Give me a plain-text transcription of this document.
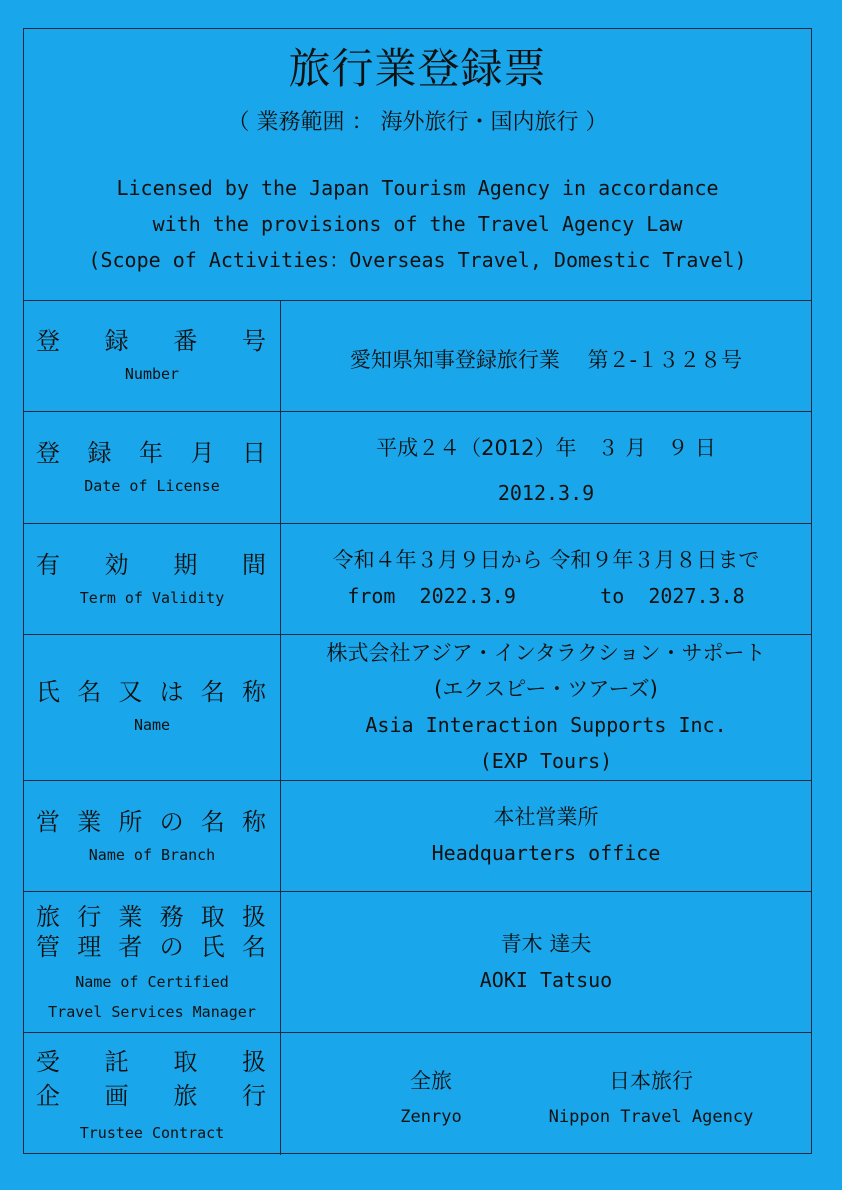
旅行業登録票
（ 業務範囲 ： 海外旅行・国内旅行 ）
Licensed by the Japan Tourism Agency in accordance
with the provisions of the Travel Agency Law
(Scope of Activities：Overseas Travel, Domestic Travel)
登 録 番 号
Number
愛知県知事登録旅行業　 第２-１３２８号
登 録 年 月 日
Date of License
平成２４（2012）年　３ 月　９ 日
2012.3.9
有 効 期 間
Term of Validity
令和４年３月９日から 令和９年３月８日まで
from  2022.3.9       to  2027.3.8
氏 名 又 は 名 称
Name
株式会社アジア・インタラクション・サポート
(エクスピー・ツアーズ)
Asia Interaction Supports Inc.
(EXP Tours)
営 業 所 の 名 称
Name of Branch
本社営業所
Headquarters office
旅 行 業 務 取 扱
管 理 者 の 氏 名
Name of Certified
Travel Services Manager
青木 達夫
AOKI Tatsuo
受 託 取 扱
企 画 旅 行
Trustee Contract
全旅	日本旅行
Zenryo	Nippon Travel Agency
